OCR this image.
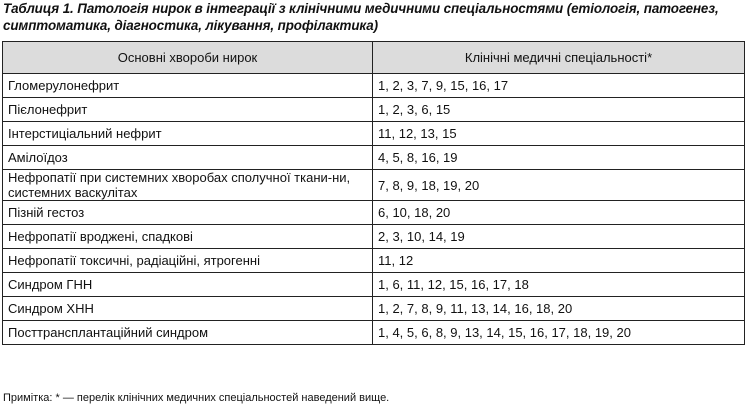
Таблиця 1. Патологія нирок в інтеграції з клінічними медичними спеціальностями (етіологія, патогенез, симптоматика, діагностика, лікування, профілактика)
Основні хвороби нирок	Клінічні медичні спеціальності*
Гломерулонефрит	1, 2, 3, 7, 9, 15, 16, 17
Пієлонефрит	1, 2, 3, 6, 15
Інтерстиціальний нефрит	11, 12, 13, 15
Амілоїдоз	4, 5, 8, 16, 19
Нефропатії при системних хворобах сполучної ткани-ни, системних васкулітах	7, 8, 9, 18, 19, 20
Пізній гестоз	6, 10, 18, 20
Нефропатії вроджені, спадкові	2, 3, 10, 14, 19
Нефропатії токсичні, радіаційні, ятрогенні	11, 12
Синдром ГНН	1, 6, 11, 12, 15, 16, 17, 18
Синдром ХНН	1, 2, 7, 8, 9, 11, 13, 14, 16, 18, 20
Посттрансплантаційний синдром	1, 4, 5, 6, 8, 9, 13, 14, 15, 16, 17, 18, 19, 20
Примітка: * — перелік клінічних медичних спеціальностей наведений вище.
